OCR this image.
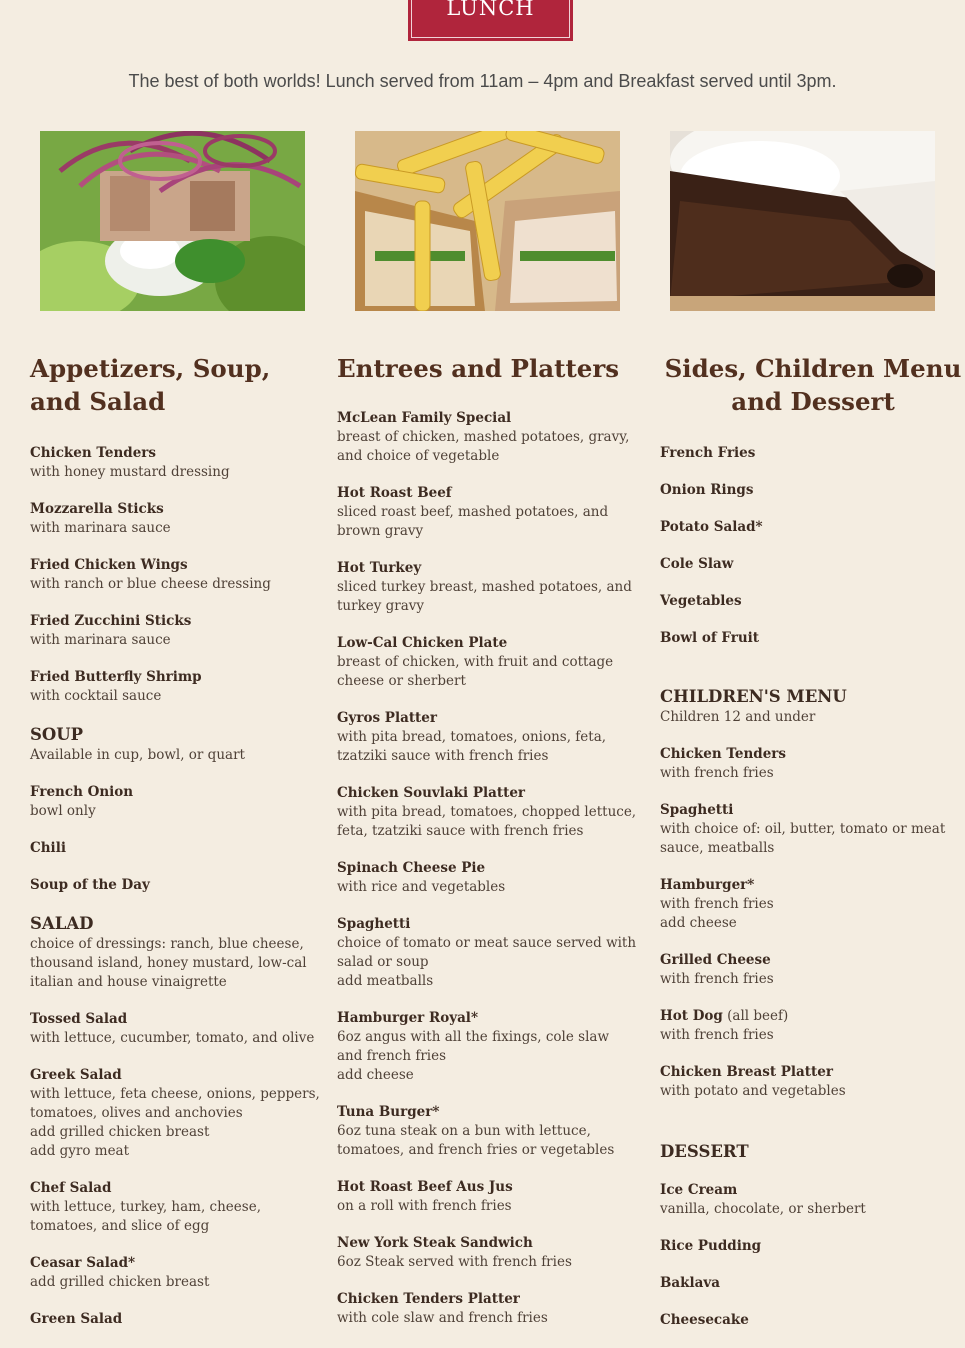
LUNCH
The best of both worlds! Lunch served from 11am – 4pm and Breakfast served until 3pm.
Appetizers, Soup, and Salad
Chicken Tenders
with honey mustard dressing
Mozzarella Sticks
with marinara sauce
Fried Chicken Wings
with ranch or blue cheese dressing
Fried Zucchini Sticks
with marinara sauce
Fried Butterfly Shrimp
with cocktail sauce
SOUP
Available in cup, bowl, or quart
French Onion
bowl only
Chili
Soup of the Day
SALAD
choice of dressings: ranch, blue cheese, thousand island, honey mustard, low-cal italian and house vinaigrette
Tossed Salad
with lettuce, cucumber, tomato, and olive
Greek Salad
with lettuce, feta cheese, onions, peppers, tomatoes, olives and anchovies
add grilled chicken breast
add gyro meat
Chef Salad
with lettuce, turkey, ham, cheese, tomatoes, and slice of egg
Ceasar Salad*
add grilled chicken breast
Green Salad
Entrees and Platters
McLean Family Special
breast of chicken, mashed potatoes, gravy, and choice of vegetable
Hot Roast Beef
sliced roast beef, mashed potatoes, and brown gravy
Hot Turkey
sliced turkey breast, mashed potatoes, and turkey gravy
Low-Cal Chicken Plate
breast of chicken, with fruit and cottage cheese or sherbert
Gyros Platter
with pita bread, tomatoes, onions, feta, tzatziki sauce with french fries
Chicken Souvlaki Platter
with pita bread, tomatoes, chopped lettuce, feta, tzatziki sauce with french fries
Spinach Cheese Pie
with rice and vegetables
Spaghetti
choice of tomato or meat sauce served with salad or soup
add meatballs
Hamburger Royal*
6oz angus with all the fixings, cole slaw and french fries
add cheese
Tuna Burger*
6oz tuna steak on a bun with lettuce, tomatoes, and french fries or vegetables
Hot Roast Beef Aus Jus
on a roll with french fries
New York Steak Sandwich
6oz Steak served with french fries
Chicken Tenders Platter
with cole slaw and french fries
Sides, Children Menu and Dessert
French Fries
Onion Rings
Potato Salad*
Cole Slaw
Vegetables
Bowl of Fruit
CHILDREN'S MENU
Children 12 and under
Chicken Tenders
with french fries
Spaghetti
with choice of: oil, butter, tomato or meat sauce, meatballs
Hamburger*
with french fries
add cheese
Grilled Cheese
with french fries
Hot Dog (all beef)
with french fries
Chicken Breast Platter
with potato and vegetables
DESSERT
Ice Cream
vanilla, chocolate, or sherbert
Rice Pudding
Baklava
Cheesecake
